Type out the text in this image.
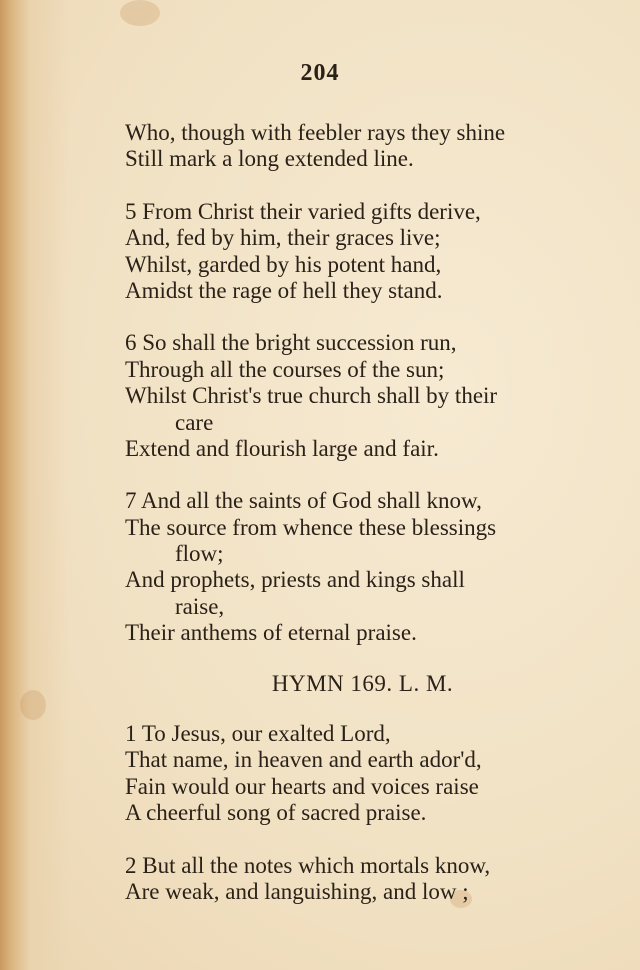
204
Who, though with feebler rays they shine
Still mark a long extended line.
5 From Christ their varied gifts derive,
And, fed by him, their graces live;
Whilst, garded by his potent hand,
Amidst the rage of hell they stand.
6 So shall the bright succession run,
Through all the courses of the sun;
Whilst Christ's true church shall by their
care
Extend and flourish large and fair.
7 And all the saints of God shall know,
The source from whence these blessings
flow;
And prophets, priests and kings shall
raise,
Their anthems of eternal praise.
HYMN 169. L. M.
1 To Jesus, our exalted Lord,
That name, in heaven and earth ador'd,
Fain would our hearts and voices raise
A cheerful song of sacred praise.
2 But all the notes which mortals know,
Are weak, and languishing, and low ;
